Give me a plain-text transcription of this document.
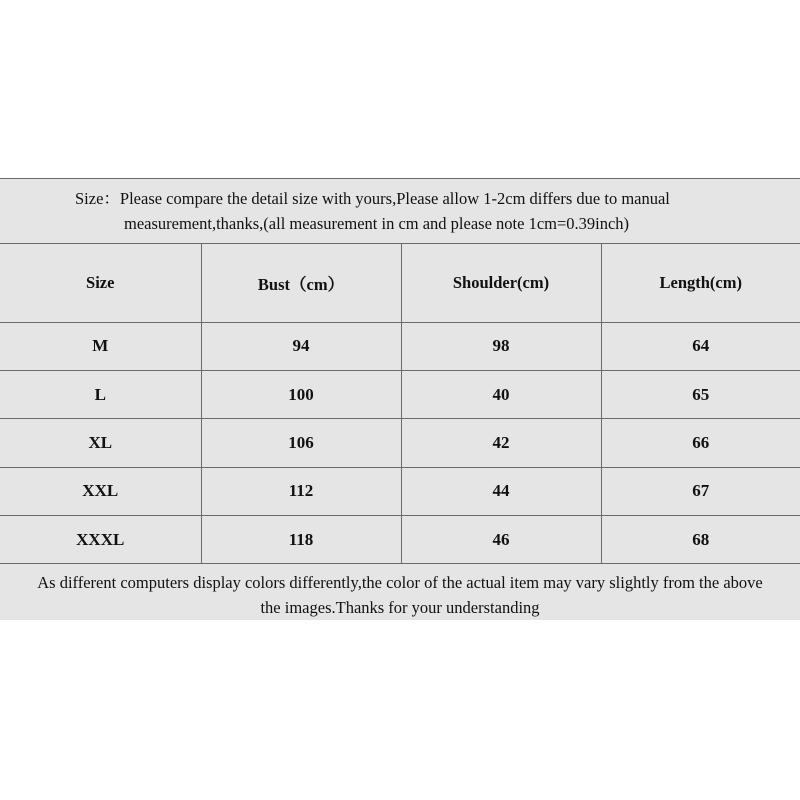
Size：Please compare the detail size with yours,Please allow 1-2cm differs due to manual
measurement,thanks,(all measurement in cm and please note 1cm=0.39inch)
Size	Bust（cm）	Shoulder(cm)	Length(cm)
M	94	98	64
L	100	40	65
XL	106	42	66
XXL	112	44	67
XXXL	118	46	68
As different computers display colors differently,the color of the actual item may vary slightly from the above
the images.Thanks for your understanding
